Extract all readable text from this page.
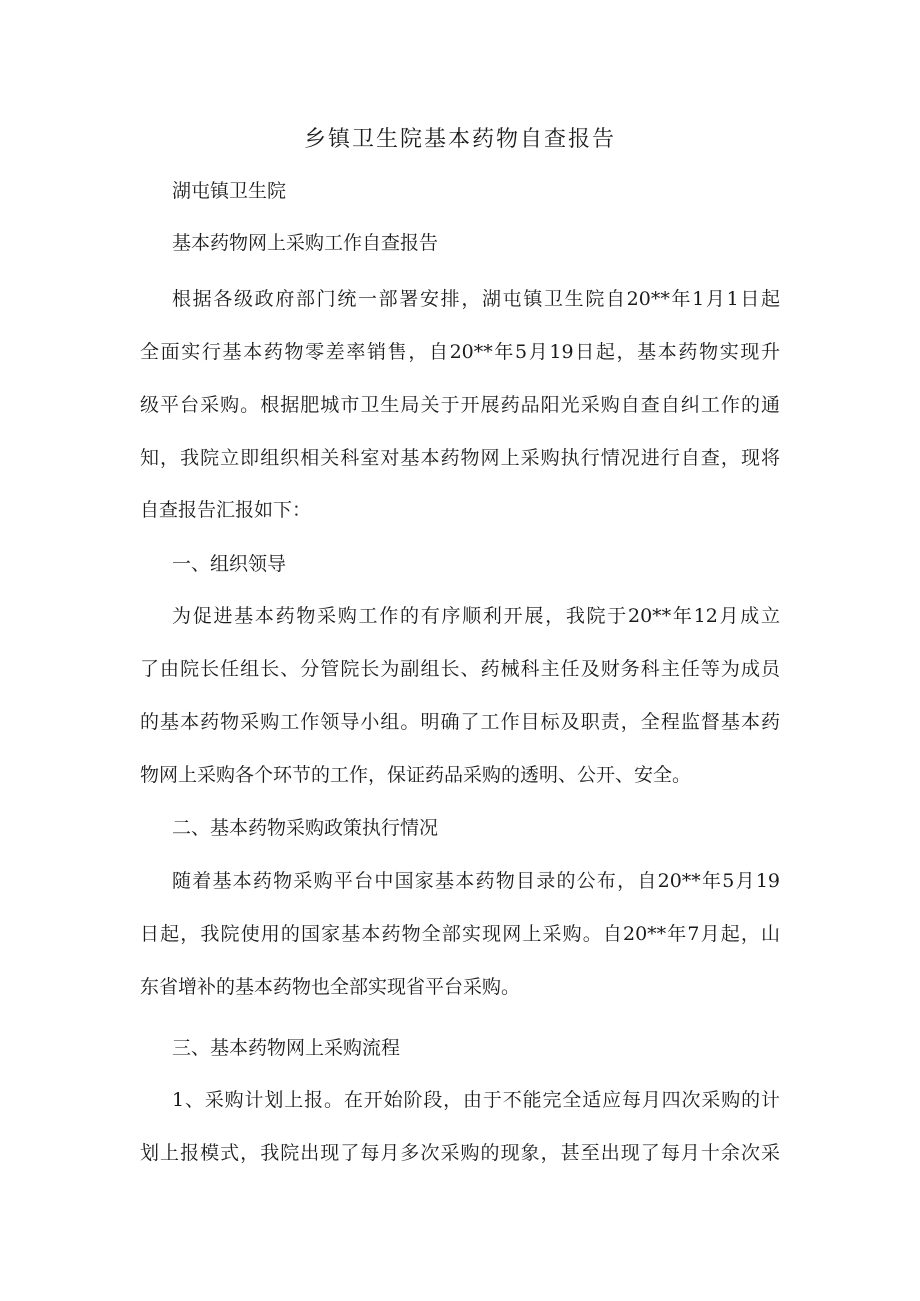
乡镇卫生院基本药物自查报告
湖屯镇卫生院
基本药物网上采购工作自查报告
根据各级政府部门统一部署安排，湖屯镇卫生院自20**年1月1日起
全面实行基本药物零差率销售，自20**年5月19日起，基本药物实现升
级平台采购。根据肥城市卫生局关于开展药品阳光采购自查自纠工作的通
知，我院立即组织相关科室对基本药物网上采购执行情况进行自查，现将
自查报告汇报如下：
一、组织领导
为促进基本药物采购工作的有序顺利开展，我院于20**年12月成立
了由院长任组长、分管院长为副组长、药械科主任及财务科主任等为成员
的基本药物采购工作领导小组。明确了工作目标及职责，全程监督基本药
物网上采购各个环节的工作，保证药品采购的透明、公开、安全。
二、基本药物采购政策执行情况
随着基本药物采购平台中国家基本药物目录的公布，自20**年5月19
日起，我院使用的国家基本药物全部实现网上采购。自20**年7月起，山
东省增补的基本药物也全部实现省平台采购。
三、基本药物网上采购流程
1、采购计划上报。在开始阶段，由于不能完全适应每月四次采购的计
划上报模式，我院出现了每月多次采购的现象，甚至出现了每月十余次采
